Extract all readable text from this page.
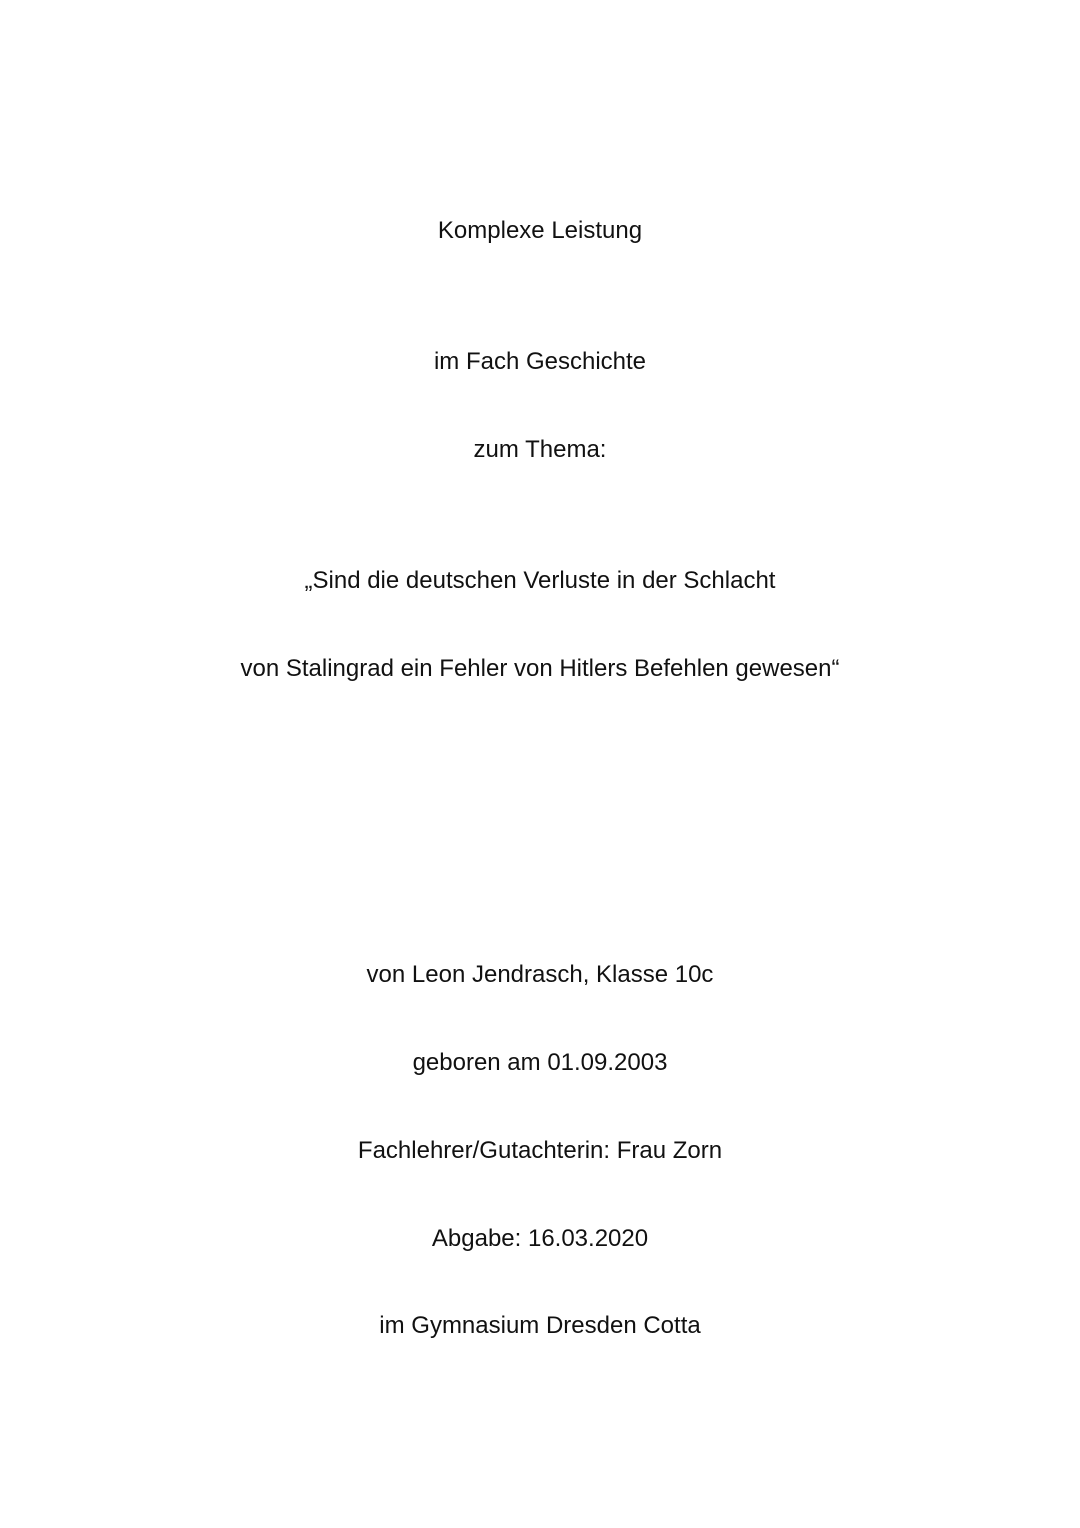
Komplexe Leistung
im Fach Geschichte
zum Thema:
„Sind die deutschen Verluste in der Schlacht
von Stalingrad ein Fehler von Hitlers Befehlen gewesen“
von Leon Jendrasch, Klasse 10c
geboren am 01.09.2003
Fachlehrer/Gutachterin: Frau Zorn
Abgabe: 16.03.2020
im Gymnasium Dresden Cotta
